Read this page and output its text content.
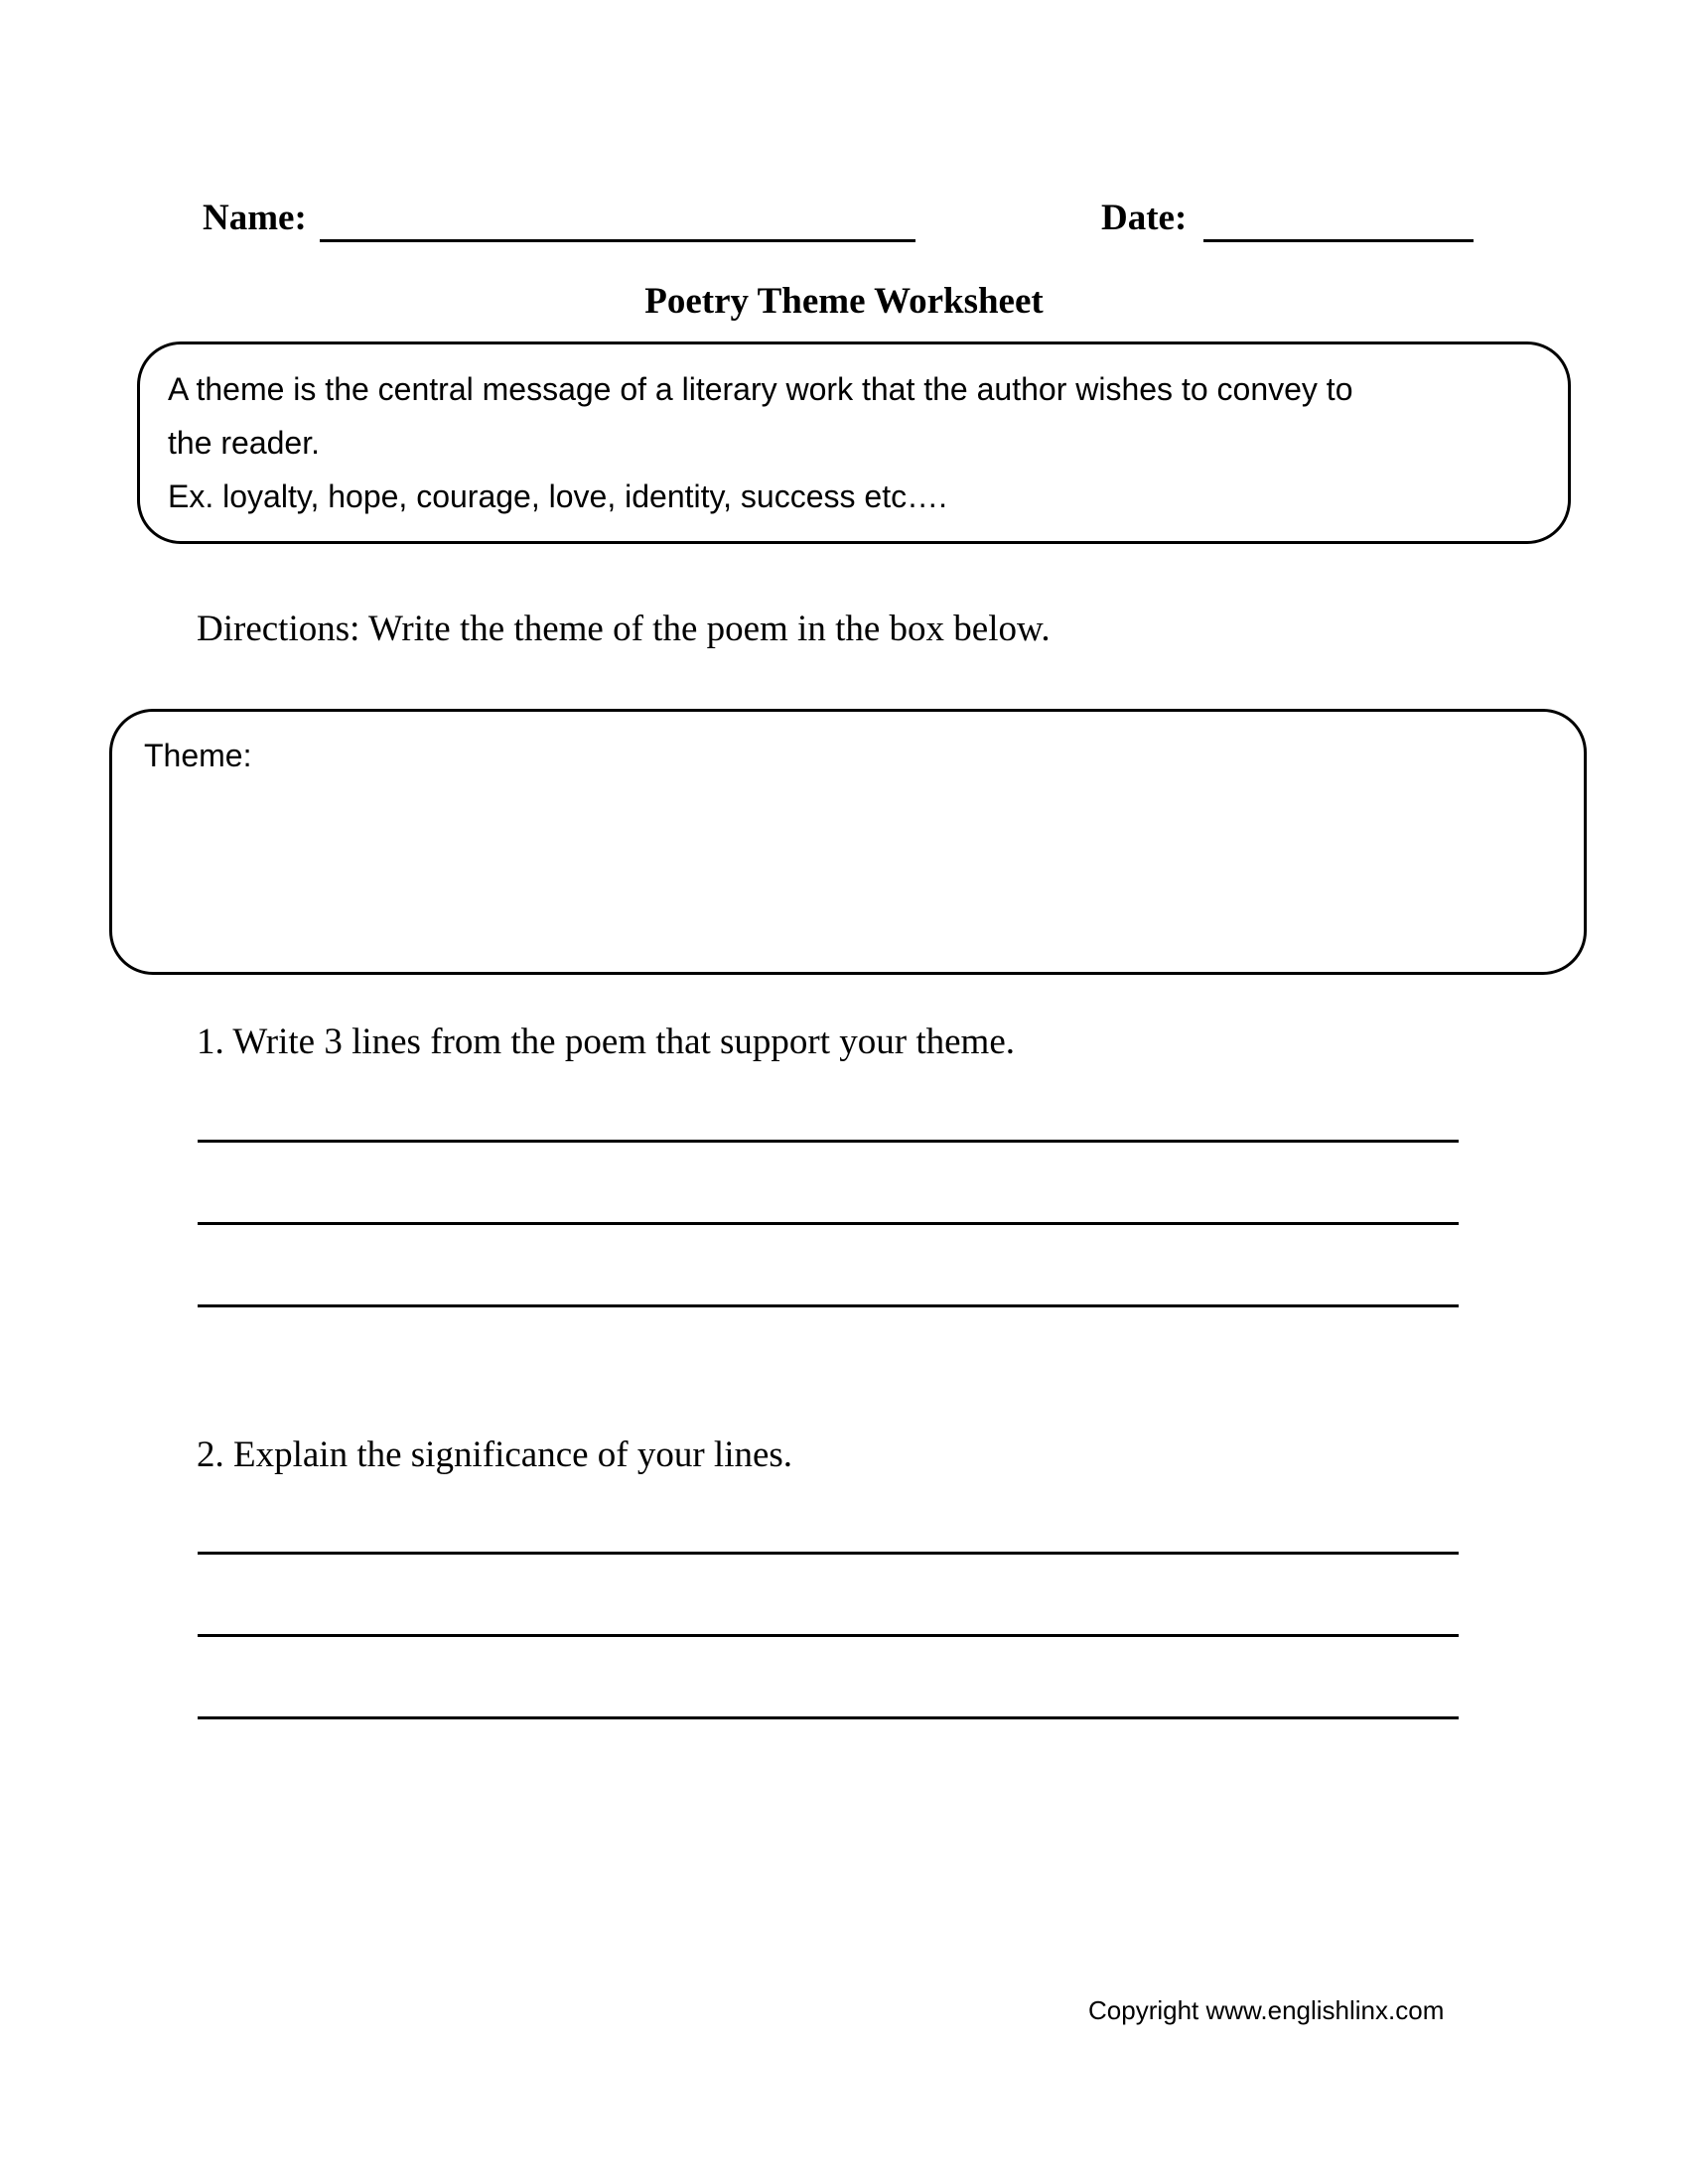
Name:	Date:
Poetry Theme Worksheet
A theme is the central message of a literary work that the author wishes to convey to
the reader.
Ex. loyalty, hope, courage, love, identity, success etc….
Directions: Write the theme of the poem in the box below.
Theme:
1. Write 3 lines from the poem that support your theme.
2. Explain the significance of your lines.
Copyright www.englishlinx.com
